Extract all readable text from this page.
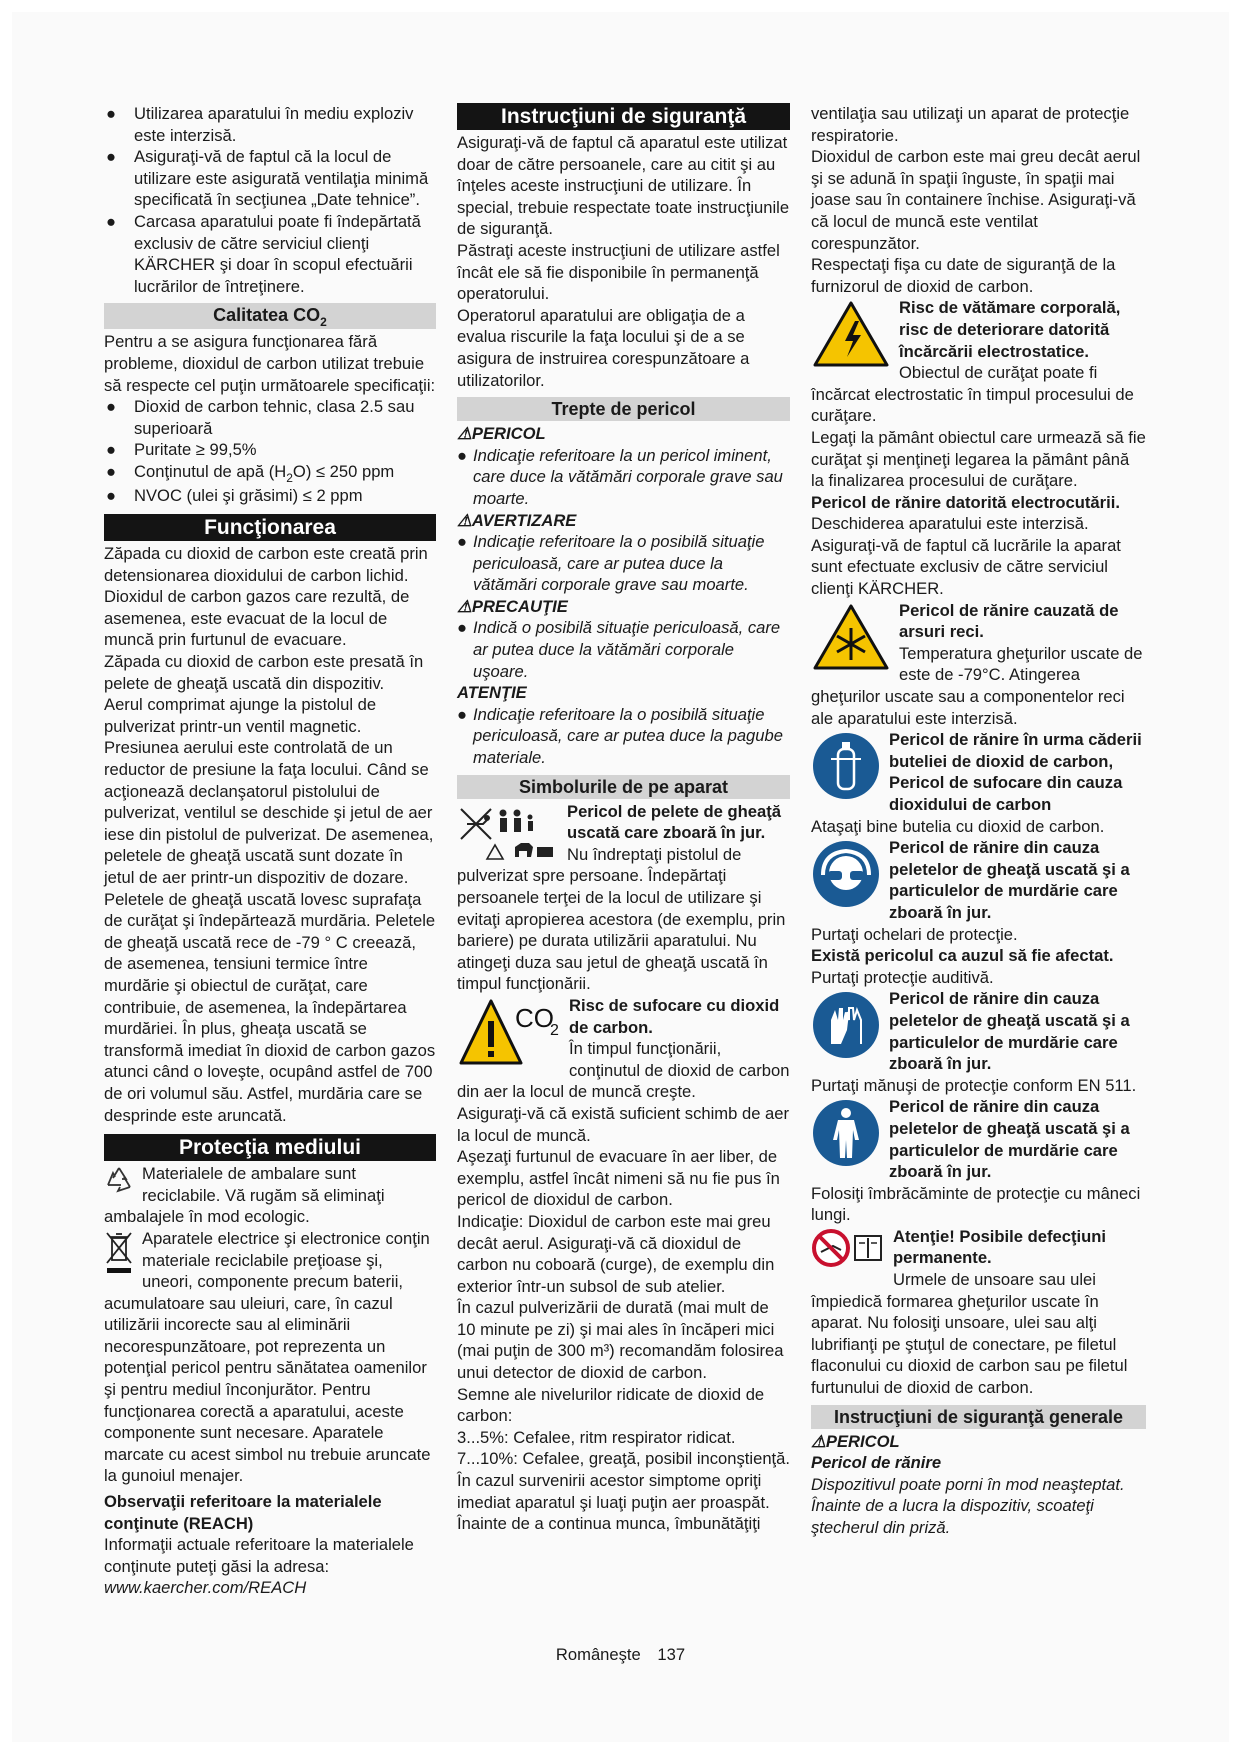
●	Utilizarea aparatului în mediu exploziv este interzisă.
●	Asiguraţi-vă de faptul că la locul de utilizare este asigurată ventilaţia minimă specificată în secţiunea „Date tehnice”.
●	Carcasa aparatului poate fi îndepărtată exclusiv de către serviciul clienţi KÄRCHER şi doar în scopul efectuării lucrărilor de întreţinere.
Calitatea $CO_2$

Pentru a se asigura funcţionarea fără probleme, dioxidul de carbon utilizat trebuie să respecte cel puţin următoarele specificaţii:

●	Dioxid de carbon tehnic, clasa 2.5 sau superioară
●	Puritate ≥ 99,5%
●	Conţinutul de apă $(H_2O) \le 250$ ppm
●	NVOC (ulei şi grăsimi) ≤ 2 ppm
Funcţionarea

Zăpada cu dioxid de carbon este creată prin detensionarea dioxidului de carbon lichid. Dioxidul de carbon gazos care rezultă, de asemenea, este evacuat de la locul de muncă prin furtunul de evacuare.

Zăpada cu dioxid de carbon este presată în pelete de gheaţă uscată din dispozitiv.

Aerul comprimat ajunge la pistolul de pulverizat printr-un ventil magnetic. Presiunea aerului este controlată de un reductor de presiune la faţa locului. Când se acţionează declanşatorul pistolului de pulverizat, ventilul se deschide şi jetul de aer iese din pistolul de pulverizat. De asemenea, peletele de gheaţă uscată sunt dozate în jetul de aer printr-un dispozitiv de dozare.

Peletele de gheaţă uscată lovesc suprafaţa de curăţat şi îndepărtează murdăria. Peletele de gheaţă uscată rece de -79 ° C creează, de asemenea, tensiuni termice între murdărie şi obiectul de curăţat, care contribuie, de asemenea, la îndepărtarea murdăriei. În plus, gheaţa uscată se transformă imediat în dioxid de carbon gazos atunci când o loveşte, ocupând astfel de 700 de ori volumul său. Astfel, murdăria care se desprinde este aruncată.

Protecţia mediului

Materialele de ambalare sunt reciclabile. Vă rugăm să eliminaţi ambalajele în mod ecologic.

Aparatele electrice şi electronice conţin materiale reciclabile preţioase şi, uneori, componente precum baterii, acumulatoare sau uleiuri, care, în cazul utilizării incorecte sau al eliminării necorespunzătoare, pot reprezenta un potenţial pericol pentru sănătatea oamenilor şi pentru mediul înconjurător. Pentru funcţionarea corectă a aparatului, aceste componente sunt necesare. Aparatele marcate cu acest simbol nu trebuie aruncate la gunoiul menajer.

Observaţii referitoare la materialele conţinute (REACH)

Informaţii actuale referitoare la materialele conţinute puteţi găsi la adresa: www.kaercher.com/REACH

Instrucţiuni de siguranţă

Asiguraţi-vă de faptul că aparatul este utilizat doar de către persoanele, care au citit şi au înţeles aceste instrucţiuni de utilizare. În special, trebuie respectate toate instrucţiunile de siguranţă.

Păstraţi aceste instrucţiuni de utilizare astfel încât ele să fie disponibile în permanenţă operatorului.

Operatorul aparatului are obligaţia de a evalua riscurile la faţa locului şi de a se asigura de instruirea corespunzătoare a utilizatorilor.

Trepte de pericol

⚠PERICOL

● Indicaţie referitoare la un pericol iminent, care duce la vătămări corporale grave sau moarte.

⚠AVERTIZARE

● Indicaţie referitoare la o posibilă situaţie periculoasă, care ar putea duce la vătămări corporale grave sau moarte.

⚠PRECAUŢIE

● Indică o posibilă situaţie periculoasă, care ar putea duce la vătămări corporale uşoare.

ATENŢIE

● Indicaţie referitoare la o posibilă situaţie periculoasă, care ar putea duce la pagube materiale.
Simbolurile de pe aparat

Pericol de pelete de gheaţă uscată care zboară în jur.
Nu îndreptaţi pistolul de pulverizat spre persoane. Îndepărtaţi persoanele terţei de la locul de utilizare şi evitaţi apropierea acestora (de exemplu, prin bariere) pe durata utilizării aparatului. Nu atingeţi duza sau jetul de gheaţă uscată în timpul funcţionării.

CO
2
Risc de sufocare cu dioxid de carbon.
În timpul funcţionării, conţinutul de dioxid de carbon din aer la locul de muncă creşte.

Asiguraţi-vă că există suficient schimb de aer la locul de muncă.

Aşezaţi furtunul de evacuare în aer liber, de exemplu, astfel încât nimeni să nu fie pus în pericol de dioxidul de carbon.

Indicaţie: Dioxidul de carbon este mai greu decât aerul. Asiguraţi-vă că dioxidul de carbon nu coboară (curge), de exemplu din exterior într-un subsol de sub atelier.

În cazul pulverizării de durată (mai mult de 10 minute pe zi) şi mai ales în încăperi mici (mai puţin de 300 m³) recomandăm folosirea unui detector de dioxid de carbon.

Semne ale nivelurilor ridicate de dioxid de carbon:

3...5%: Cefalee, ritm respirator ridicat.

7...10%: Cefalee, greaţă, posibil inconştienţă.

În cazul survenirii acestor simptome opriţi imediat aparatul şi luaţi puţin aer proaspăt. Înainte de a continua munca, îmbunătăţiţi

ventilaţia sau utilizaţi un aparat de protecţie respiratorie.

Dioxidul de carbon este mai greu decât aerul şi se adună în spaţii înguste, în spaţii mai joase sau în containere închise. Asiguraţi-vă că locul de muncă este ventilat corespunzător.

Respectaţi fişa cu date de siguranţă de la furnizorul de dioxid de carbon.

Risc de vătămare corporală, risc de deteriorare datorită încărcării electrostatice.
Obiectul de curăţat poate fi încărcat electrostatic în timpul procesului de curăţare.

Legaţi la pământ obiectul care urmează să fie curăţat şi menţineţi legarea la pământ până la finalizarea procesului de curăţare.

Pericol de rănire datorită electrocutării.

Deschiderea aparatului este interzisă. Asiguraţi-vă de faptul că lucrările la aparat sunt efectuate exclusiv de către serviciul clienţi KÄRCHER.

Pericol de rănire cauzată de arsuri reci.
Temperatura gheţurilor uscate de este de -79°C. Atingerea gheţurilor uscate sau a componentelor reci ale aparatului este interzisă.

Pericol de rănire în urma căderii buteliei de dioxid de carbon, Pericol de sufocare din cauza dioxidului de carbon
Ataşaţi bine butelia cu dioxid de carbon.

Pericol de rănire din cauza peletelor de gheaţă uscată şi a particulelor de murdărie care zboară în jur.
Purtaţi ochelari de protecţie.

Există pericolul ca auzul să fie afectat.

Purtaţi protecţie auditivă.

Pericol de rănire din cauza peletelor de gheaţă uscată şi a particulelor de murdărie care zboară în jur.
Purtaţi mănuşi de protecţie conform EN 511.

Pericol de rănire din cauza peletelor de gheaţă uscată şi a particulelor de murdărie care zboară în jur.
Folosiţi îmbrăcăminte de protecţie cu mâneci lungi.

Atenţie! Posibile defecţiuni permanente.
Urmele de unsoare sau ulei împiedică formarea gheţurilor uscate în aparat. Nu folosiţi unsoare, ulei sau alţi lubrifianţi pe ştuţul de conectare, pe filetul flaconului cu dioxid de carbon sau pe filetul furtunului de dioxid de carbon.

Instrucţiuni de siguranţă generale

⚠PERICOL

Pericol de rănire

Dispozitivul poate porni în mod neaşteptat. Înainte de a lucra la dispozitiv, scoateţi ştecherul din priză.

Româneşte 137
